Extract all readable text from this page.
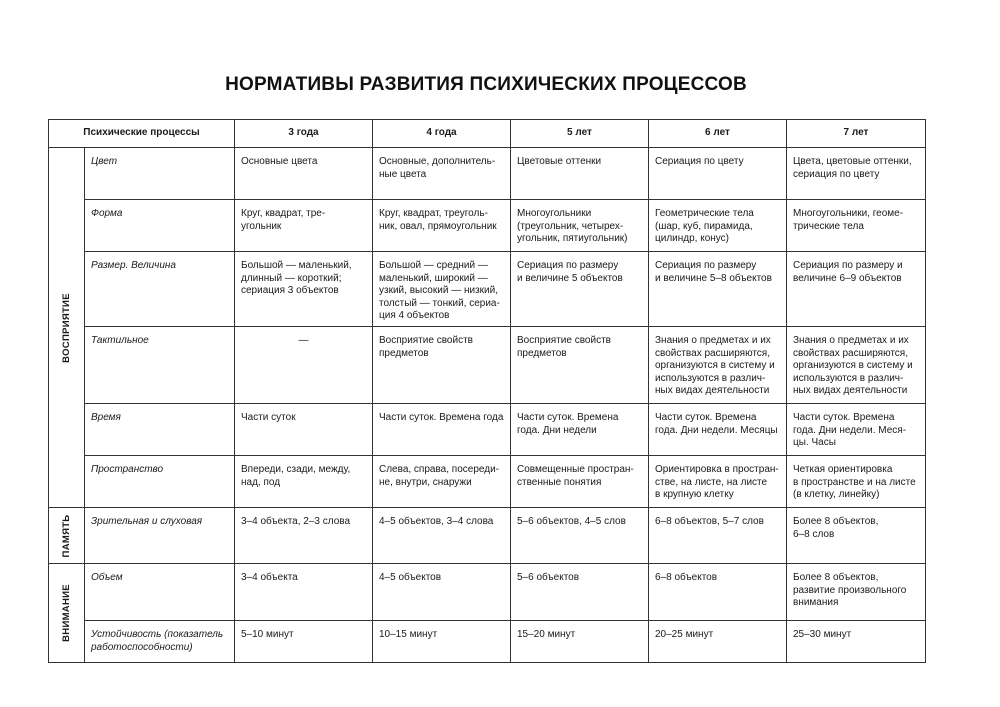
НОРМАТИВЫ РАЗВИТИЯ ПСИХИЧЕСКИХ ПРОЦЕССОВ
Психические процессы		3 года	4 года	5 лет	6 лет	7 лет

ВОСПРИЯТИЕ	Цвет	Основные цвета	Основные, дополнитель-
ные цвета	Цветовые оттенки	Сериация по цвету	Цвета, цветовые оттенки,
сериация по цвету
	Форма	Круг, квадрат, тре-
угольник	Круг, квадрат, треуголь-
ник, овал, прямоугольник	Многоугольники
(треугольник, четырех-
угольник, пятиугольник)	Геометрические тела
(шар, куб, пирамида,
цилиндр, конус)	Многоугольники, геоме-
трические тела
	Размер. Величина	Большой — маленький,
длинный — короткий;
сериация 3 объектов	Большой — средний —
маленький, широкий —
узкий, высокий — низкий,
толстый — тонкий, сериа-
ция 4 объектов	Сериация по размеру
и величине 5 объектов	Сериация по размеру
и величине 5–8 объектов	Сериация по размеру и
величине 6–9 объектов
	Тактильное	—	Восприятие свойств
предметов	Восприятие свойств
предметов	Знания о предметах и их
свойствах расширяются,
организуются в систему и
используются в различ-
ных видах деятельности	Знания о предметах и их
свойствах расширяются,
организуются в систему и
используются в различ-
ных видах деятельности
	Время	Части суток	Части суток. Времена года	Части суток. Времена
года. Дни недели	Части суток. Времена
года. Дни недели. Месяцы	Части суток. Времена
года. Дни недели. Меся-
цы. Часы
	Пространство	Впереди, сзади, между,
над, под	Слева, справа, посереди-
не, внутри, снаружи	Совмещенные простран-
ственные понятия	Ориентировка в простран-
стве, на листе, на листе
в крупную клетку	Четкая ориентировка
в пространстве и на листе
(в клетку, линейку)

ПАМЯТЬ	Зрительная и слуховая	3–4 объекта, 2–3 слова	4–5 объектов, 3–4 слова	5–6 объектов, 4–5 слов	6–8 объектов, 5–7 слов	Более 8 объектов,
6–8 слов

ВНИМАНИЕ	Объем	3–4 объекта	4–5 объектов	5–6 объектов	6–8 объектов	Более 8 объектов,
развитие произвольного
внимания
	Устойчивость (показатель
работоспособности)	5–10 минут	10–15 минут	15–20 минут	20–25 минут	25–30 минут
